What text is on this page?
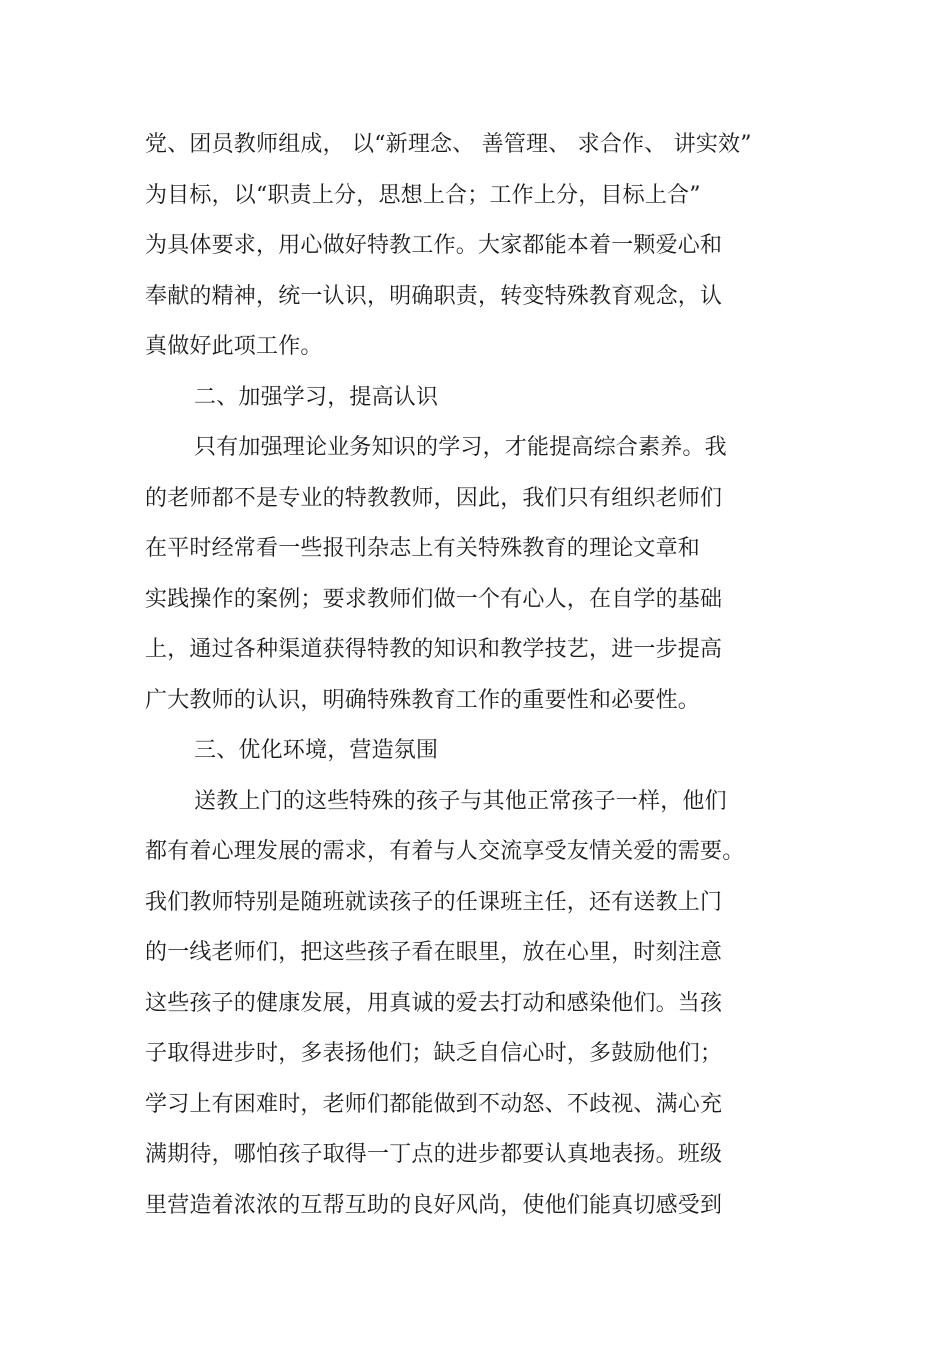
党、团员教师组成， 以“新理念、 善管理、 求合作、 讲实效”
为目标，以“职责上分，思想上合；工作上分，目标上合”
为具体要求，用心做好特教工作。大家都能本着一颗爱心和
奉献的精神，统一认识，明确职责，转变特殊教育观念，认
真做好此项工作。
二、加强学习，提高认识
只有加强理论业务知识的学习，才能提高综合素养。我
的老师都不是专业的特教教师，因此，我们只有组织老师们
在平时经常看一些报刊杂志上有关特殊教育的理论文章和
实践操作的案例；要求教师们做一个有心人，在自学的基础
上，通过各种渠道获得特教的知识和教学技艺，进一步提高
广大教师的认识，明确特殊教育工作的重要性和必要性。
三、优化环境，营造氛围
送教上门的这些特殊的孩子与其他正常孩子一样，他们
都有着心理发展的需求，有着与人交流享受友情关爱的需要。
我们教师特别是随班就读孩子的任课班主任，还有送教上门
的一线老师们，把这些孩子看在眼里，放在心里，时刻注意
这些孩子的健康发展，用真诚的爱去打动和感染他们。当孩
子取得进步时，多表扬他们；缺乏自信心时，多鼓励他们；
学习上有困难时，老师们都能做到不动怒、不歧视、满心充
满期待，哪怕孩子取得一丁点的进步都要认真地表扬。班级
里营造着浓浓的互帮互助的良好风尚，使他们能真切感受到
